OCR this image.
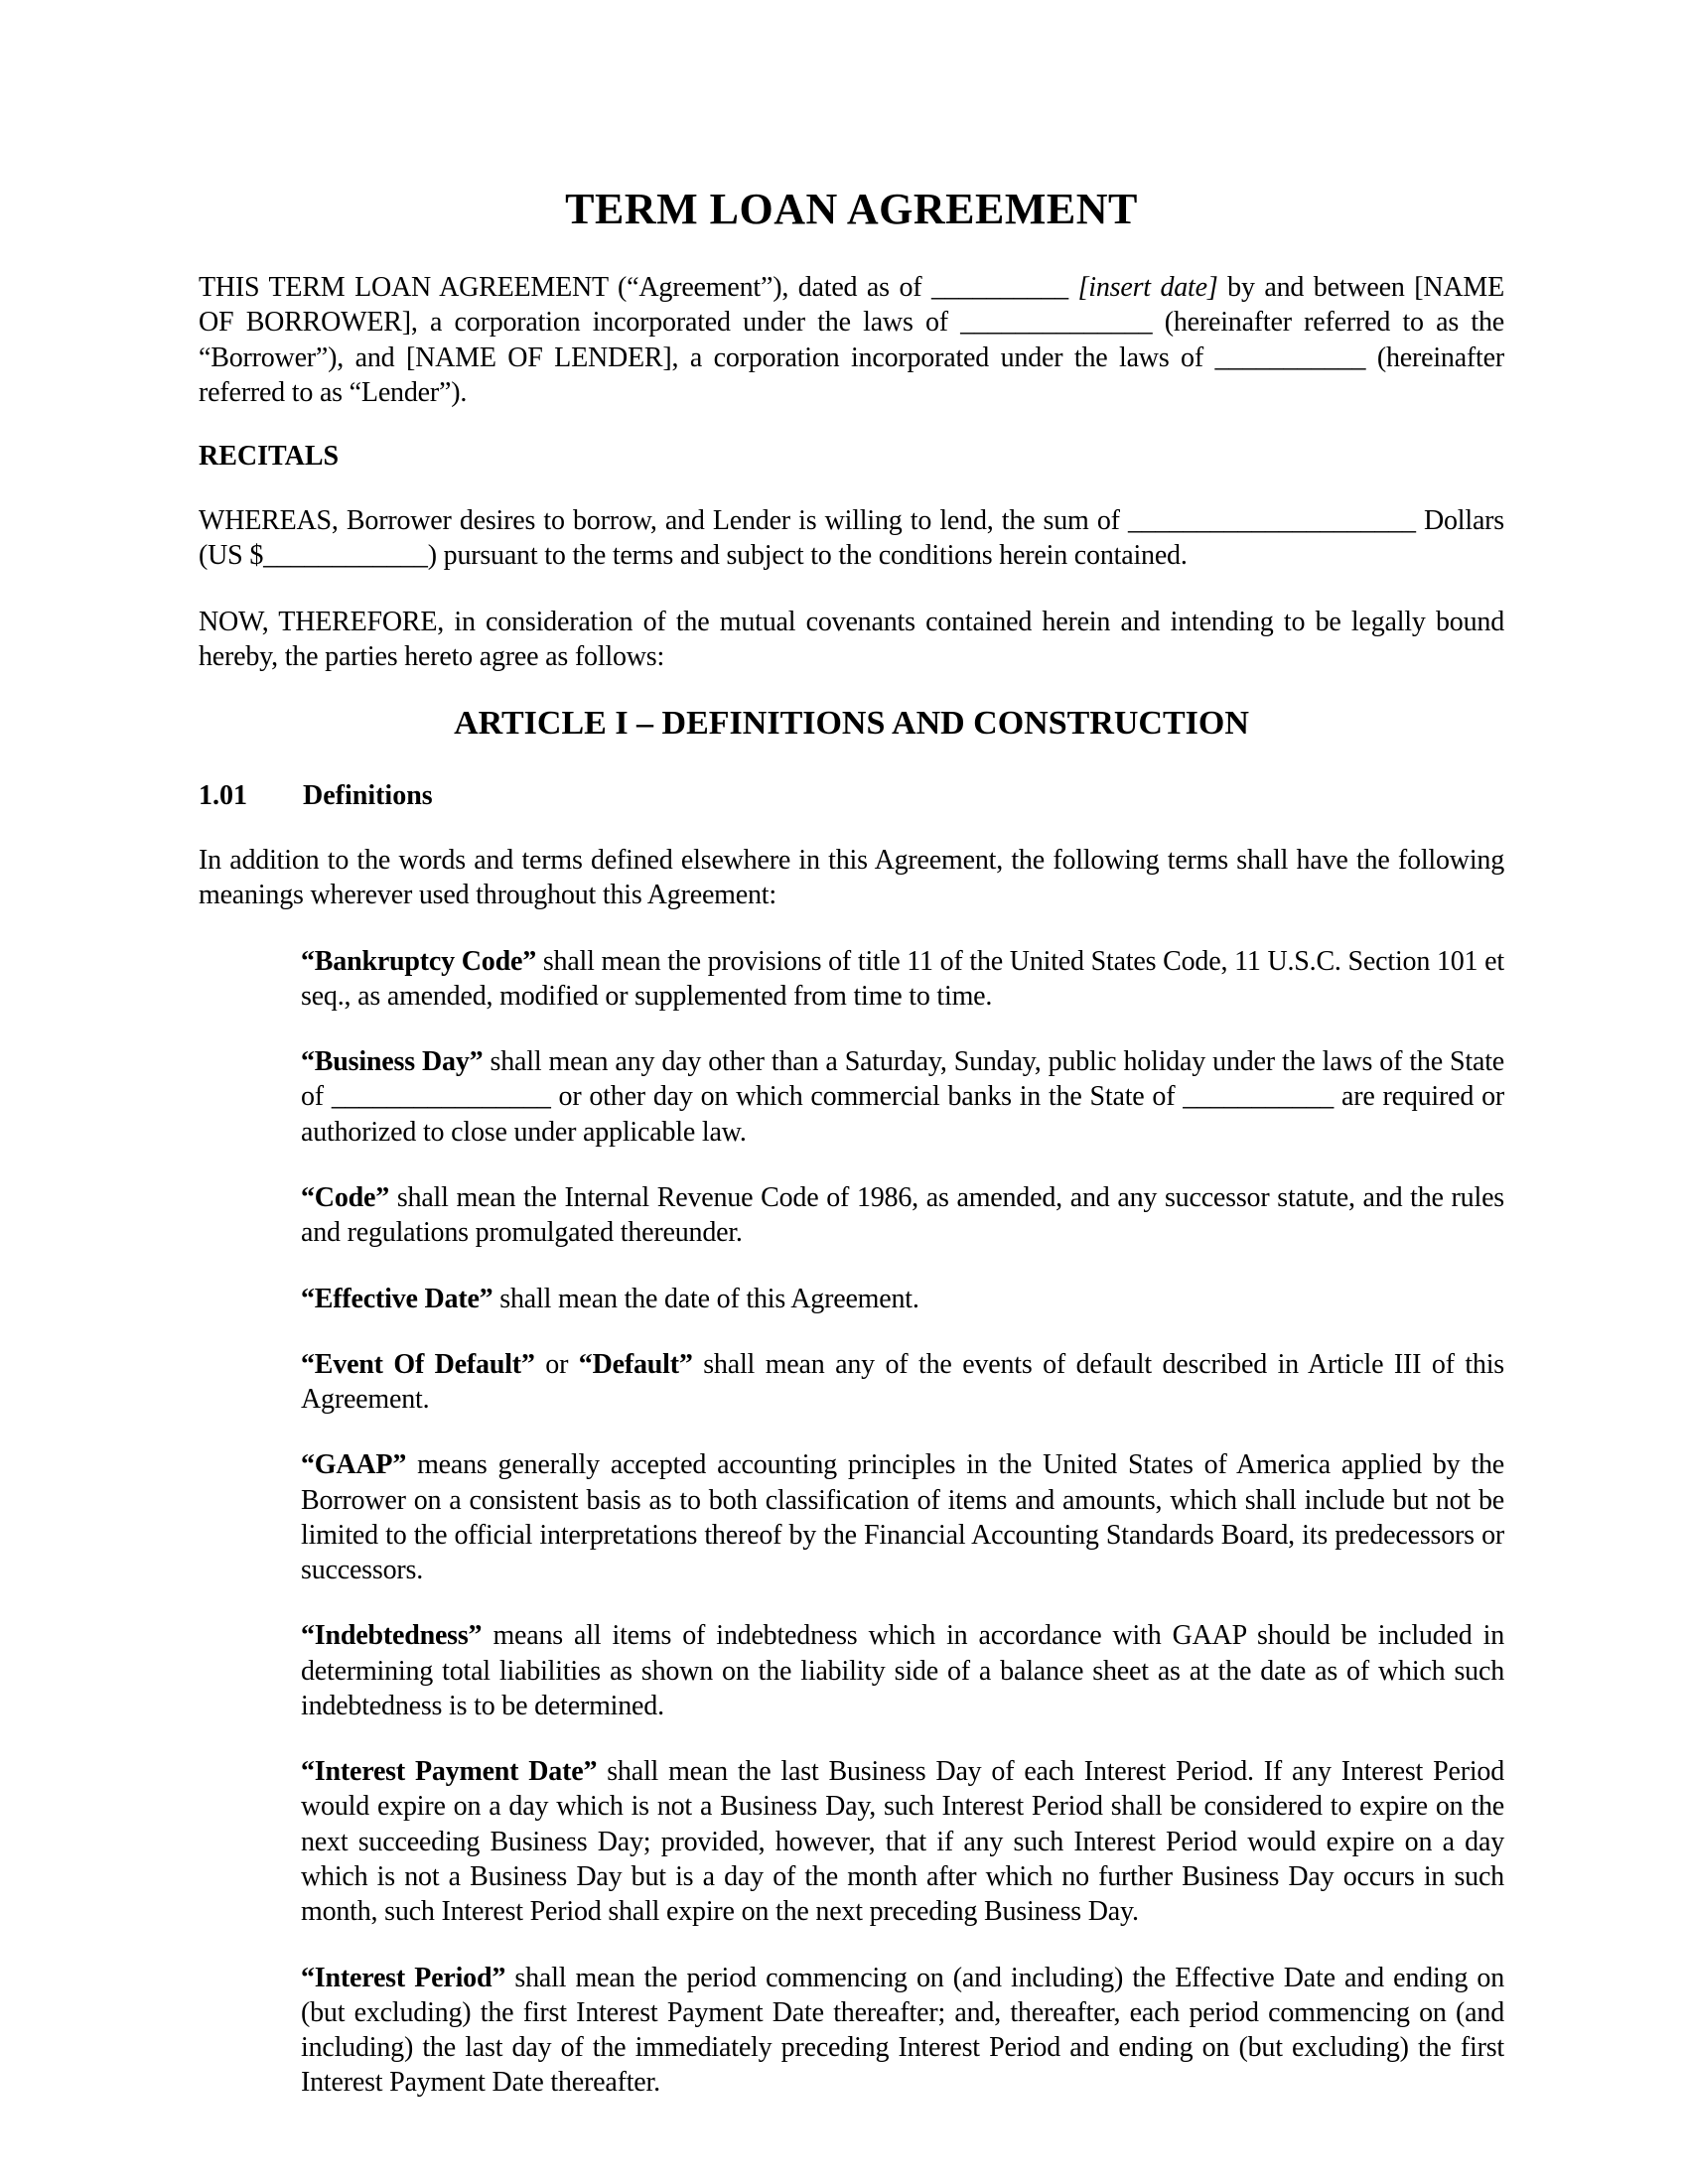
TERM LOAN AGREEMENT

THIS TERM LOAN AGREEMENT (“Agreement”), dated as of __________ [insert date] by and between [NAME OF BORROWER], a corporation incorporated under the laws of ______________ (hereinafter referred to as the “Borrower”), and [NAME OF LENDER], a corporation incorporated under the laws of ___________ (hereinafter referred to as “Lender”).

RECITALS

WHEREAS, Borrower desires to borrow, and Lender is willing to lend, the sum of _____________________ Dollars (US $____________) pursuant to the terms and subject to the conditions herein contained.

NOW, THEREFORE, in consideration of the mutual covenants contained herein and intending to be legally bound hereby, the parties hereto agree as follows:

ARTICLE I – DEFINITIONS AND CONSTRUCTION
1.01 Definitions

In addition to the words and terms defined elsewhere in this Agreement, the following terms shall have the following meanings wherever used throughout this Agreement:

“Bankruptcy Code” shall mean the provisions of title 11 of the United States Code, 11 U.S.C. Section 101 et seq., as amended, modified or supplemented from time to time.

“Business Day” shall mean any day other than a Saturday, Sunday, public holiday under the laws of the State of ________________ or other day on which commercial banks in the State of ___________ are required or authorized to close under applicable law.

“Code” shall mean the Internal Revenue Code of 1986, as amended, and any successor statute, and the rules and regulations promulgated thereunder.

“Effective Date” shall mean the date of this Agreement.

“Event Of Default” or “Default” shall mean any of the events of default described in Article III of this Agreement.

“GAAP” means generally accepted accounting principles in the United States of America applied by the Borrower on a consistent basis as to both classification of items and amounts, which shall include but not be limited to the official interpretations thereof by the Financial Accounting Standards Board, its predecessors or successors.

“Indebtedness” means all items of indebtedness which in accordance with GAAP should be included in determining total liabilities as shown on the liability side of a balance sheet as at the date as of which such indebtedness is to be determined.

“Interest Payment Date” shall mean the last Business Day of each Interest Period. If any Interest Period would expire on a day which is not a Business Day, such Interest Period shall be considered to expire on the next succeeding Business Day; provided, however, that if any such Interest Period would expire on a day which is not a Business Day but is a day of the month after which no further Business Day occurs in such month, such Interest Period shall expire on the next preceding Business Day.

“Interest Period” shall mean the period commencing on (and including) the Effective Date and ending on (but excluding) the first Interest Payment Date thereafter; and, thereafter, each period commencing on (and including) the last day of the immediately preceding Interest Period and ending on (but excluding) the first Interest Payment Date thereafter.
